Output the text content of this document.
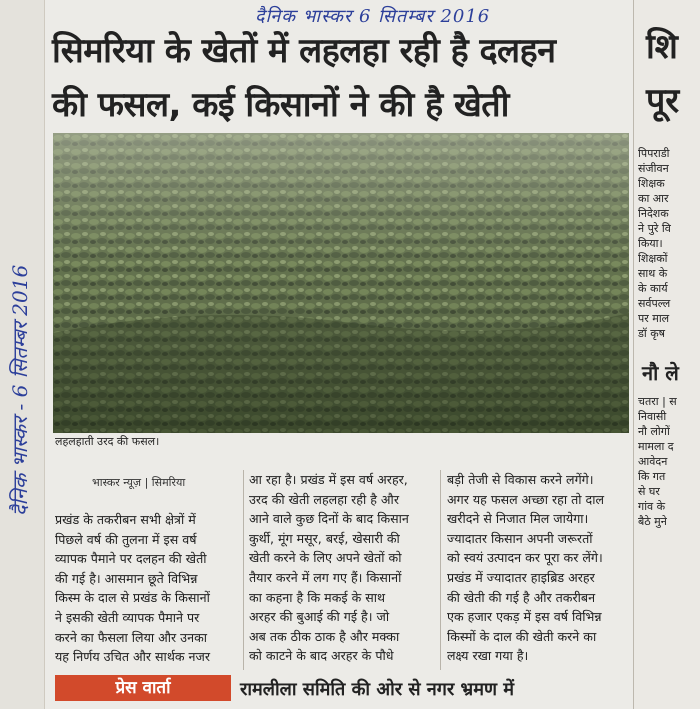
दैनिक भास्कर 6 सितम्बर 2016
दैनिक भास्कर - 6 सितम्बर 2016
सिमरिया के खेतों में लहलहा रही है दलहन
की फसल, कई किसानों ने की है खेती
लहलहाती उरद की फसल।
भास्कर न्यूज़ | सिमरिया

प्रखंड के तकरीबन सभी क्षेत्रों में

पिछले वर्ष की तुलना में इस वर्ष

व्यापक पैमाने पर दलहन की खेती

की गई है। आसमान छूते विभिन्न

किस्म के दाल से प्रखंड के किसानों

ने इसकी खेती व्यापक पैमाने पर

करने का फैसला लिया और उनका

यह निर्णय उचित और सार्थक नजर

आ रहा है। प्रखंड में इस वर्ष अरहर,

उरद की खेती लहलहा रही है और

आने वाले कुछ दिनों के बाद किसान

कुर्थी, मूंग मसूर, बरई, खेसारी की

खेती करने के लिए अपने खेतों को

तैयार करने में लग गए हैं। किसानों

का कहना है कि मकई के साथ

अरहर की बुआई की गई है। जो

अब तक ठीक ठाक है और मक्का

को काटने के बाद अरहर के पौधे

बड़ी तेजी से विकास करने लगेंगे।

अगर यह फसल अच्छा रहा तो दाल

खरीदने से निजात मिल जायेगा।

ज्यादातर किसान अपनी जरूरतों

को स्वयं उत्पादन कर पूरा कर लेंगे।

प्रखंड में ज्यादातर हाइब्रिड अरहर

की खेती की गई है और तकरीबन

एक हजार एकड़ में इस वर्ष विभिन्न

किस्मों के दाल की खेती करने का

लक्ष्य रखा गया है।

शि
पूर
पिपराडी
संजीवन
शिक्षक
का आर
निदेशक
ने पुरे वि
किया।
शिक्षकों
साथ के
के कार्य
सर्वपल्ल
पर माल
डॉ कृष
नौ ले
चतरा | स
निवासी
नौ लोगों
मामला द
आवेदन
कि गत
से घर
गांव के
बैठे मुने
प्रेस वार्ता	रामलीला समिति की ओर से नगर भ्रमण में
